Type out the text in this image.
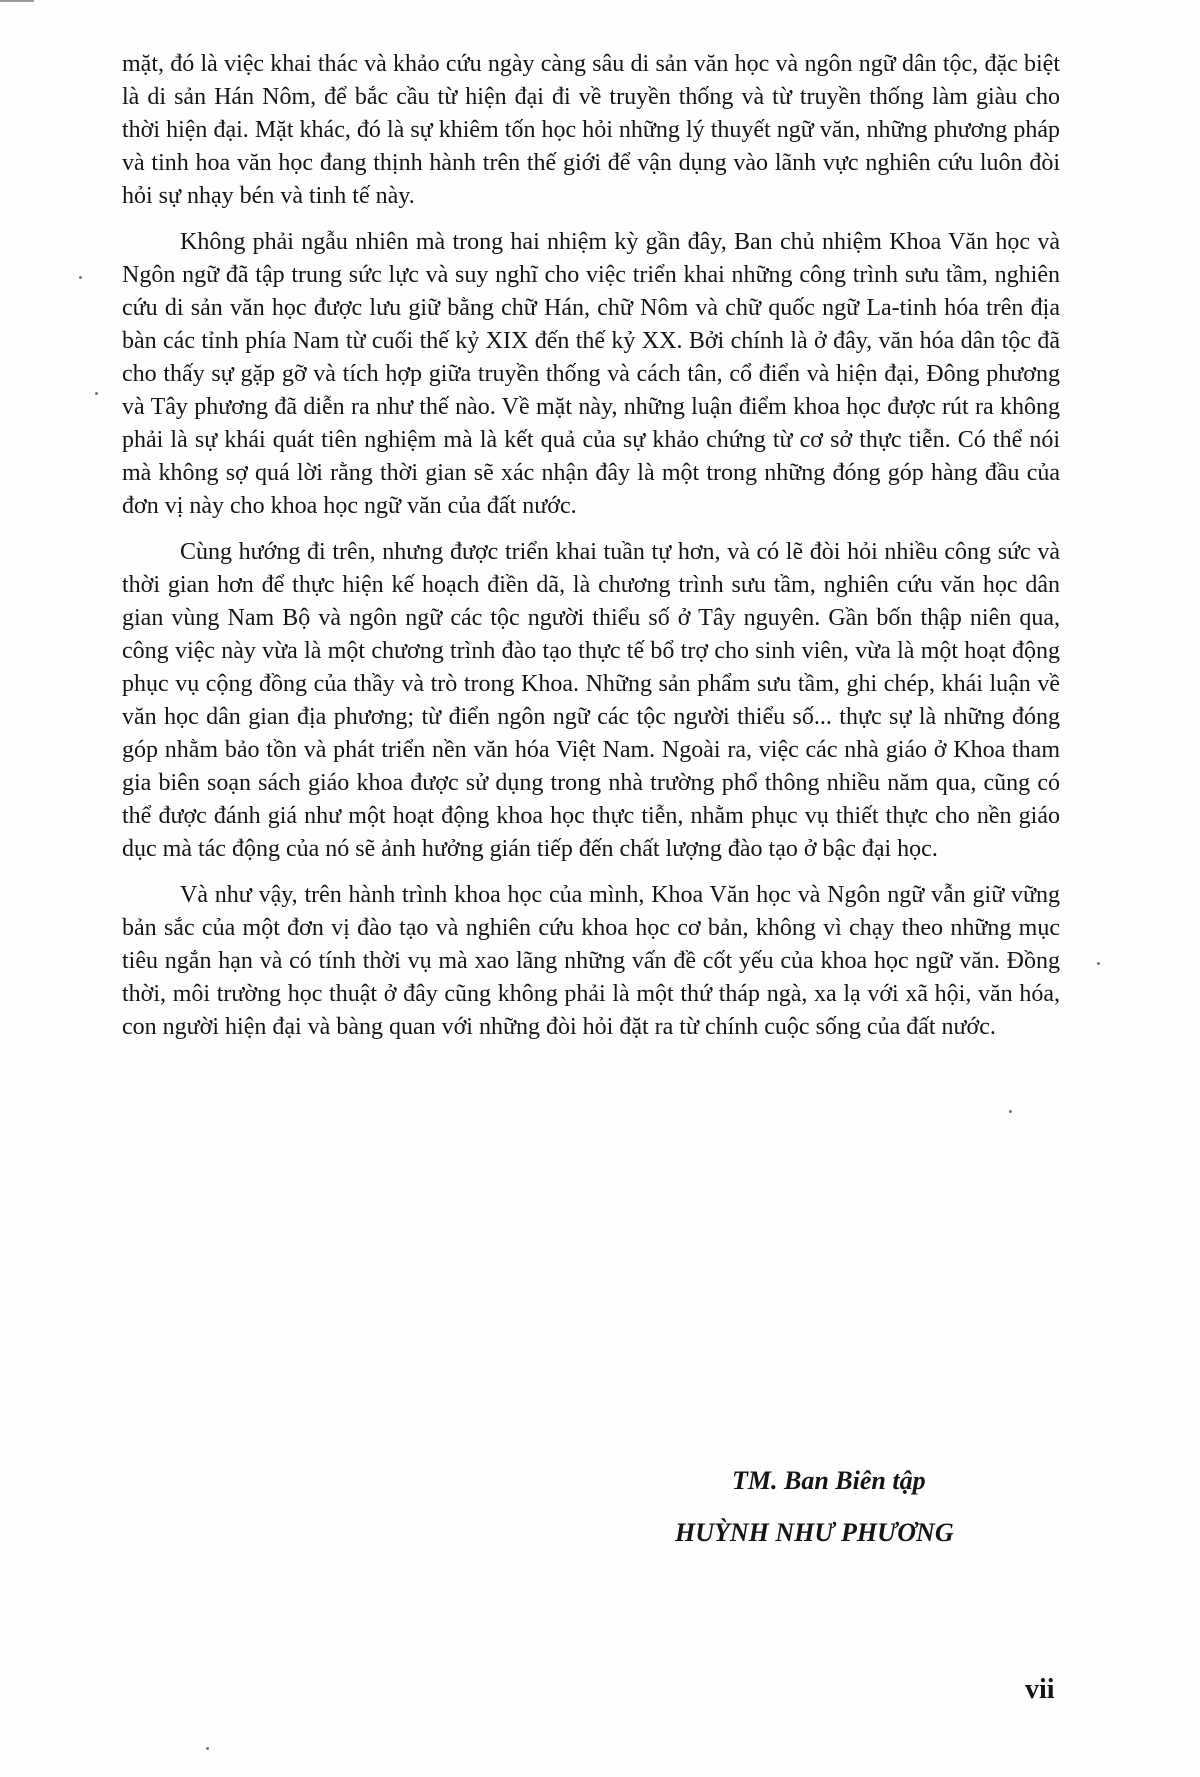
mặt, đó là việc khai thác và khảo cứu ngày càng sâu di sản văn học và ngôn ngữ dân tộc, đặc biệt là di sản Hán Nôm, để bắc cầu từ hiện đại đi về truyền thống và từ truyền thống làm giàu cho thời hiện đại. Mặt khác, đó là sự khiêm tốn học hỏi những lý thuyết ngữ văn, những phương pháp và tinh hoa văn học đang thịnh hành trên thế giới để vận dụng vào lãnh vực nghiên cứu luôn đòi hỏi sự nhạy bén và tinh tế này.

Không phải ngẫu nhiên mà trong hai nhiệm kỳ gần đây, Ban chủ nhiệm Khoa Văn học và Ngôn ngữ đã tập trung sức lực và suy nghĩ cho việc triển khai những công trình sưu tầm, nghiên cứu di sản văn học được lưu giữ bằng chữ Hán, chữ Nôm và chữ quốc ngữ La-tinh hóa trên địa bàn các tỉnh phía Nam từ cuối thế kỷ XIX đến thế kỷ XX. Bởi chính là ở đây, văn hóa dân tộc đã cho thấy sự gặp gỡ và tích hợp giữa truyền thống và cách tân, cổ điển và hiện đại, Đông phương và Tây phương đã diễn ra như thế nào. Về mặt này, những luận điểm khoa học được rút ra không phải là sự khái quát tiên nghiệm mà là kết quả của sự khảo chứng từ cơ sở thực tiễn. Có thể nói mà không sợ quá lời rằng thời gian sẽ xác nhận đây là một trong những đóng góp hàng đầu của đơn vị này cho khoa học ngữ văn của đất nước.

Cùng hướng đi trên, nhưng được triển khai tuần tự hơn, và có lẽ đòi hỏi nhiều công sức và thời gian hơn để thực hiện kế hoạch điền dã, là chương trình sưu tầm, nghiên cứu văn học dân gian vùng Nam Bộ và ngôn ngữ các tộc người thiểu số ở Tây nguyên. Gần bốn thập niên qua, công việc này vừa là một chương trình đào tạo thực tế bổ trợ cho sinh viên, vừa là một hoạt động phục vụ cộng đồng của thầy và trò trong Khoa. Những sản phẩm sưu tầm, ghi chép, khái luận về văn học dân gian địa phương; từ điển ngôn ngữ các tộc người thiểu số... thực sự là những đóng góp nhằm bảo tồn và phát triển nền văn hóa Việt Nam. Ngoài ra, việc các nhà giáo ở Khoa tham gia biên soạn sách giáo khoa được sử dụng trong nhà trường phổ thông nhiều năm qua, cũng có thể được đánh giá như một hoạt động khoa học thực tiễn, nhằm phục vụ thiết thực cho nền giáo dục mà tác động của nó sẽ ảnh hưởng gián tiếp đến chất lượng đào tạo ở bậc đại học.

Và như vậy, trên hành trình khoa học của mình, Khoa Văn học và Ngôn ngữ vẫn giữ vững bản sắc của một đơn vị đào tạo và nghiên cứu khoa học cơ bản, không vì chạy theo những mục tiêu ngắn hạn và có tính thời vụ mà xao lãng những vấn đề cốt yếu của khoa học ngữ văn. Đồng thời, môi trường học thuật ở đây cũng không phải là một thứ tháp ngà, xa lạ với xã hội, văn hóa, con người hiện đại và bàng quan với những đòi hỏi đặt ra từ chính cuộc sống của đất nước.

TM. Ban Biên tập
HUỲNH NHƯ PHƯƠNG
vii
